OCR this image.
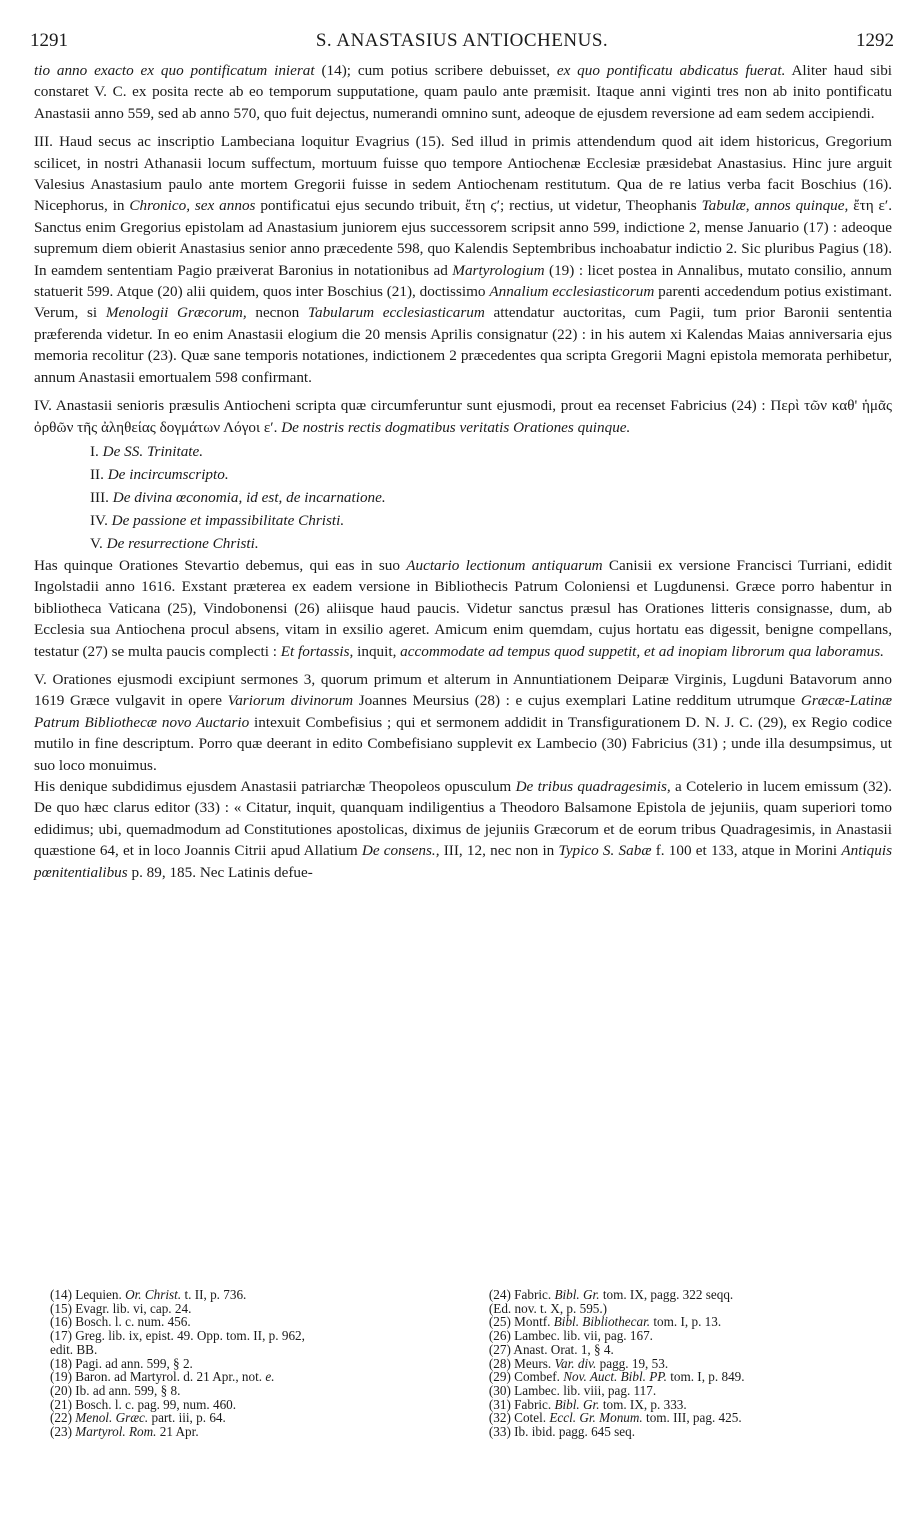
1291	S. ANASTASIUS ANTIOCHENUS.	1292

tio anno exacto ex quo pontificatum inierat (14); cum potius scribere debuisset, ex quo pontificatu abdicatus fuerat. Aliter haud sibi constaret V. C. ex posita recte ab eo temporum supputatione, quam paulo ante præmisit. Itaque anni viginti tres non ab inito pontificatu Anastasii anno 559, sed ab anno 570, quo fuit dejectus, numerandi omnino sunt, adeoque de ejusdem reversione ad eam sedem accipiendi.

III. Haud secus ac inscriptio Lambeciana loquitur Evagrius (15). Sed illud in primis attendendum quod ait idem historicus, Gregorium scilicet, in nostri Athanasii locum suffectum, mortuum fuisse quo tempore Antiochenæ Ecclesiæ præsidebat Anastasius. Hinc jure arguit Valesius Anastasium paulo ante mortem Gregorii fuisse in sedem Antiochenam restitutum. Qua de re latius verba facit Boschius (16). Nicephorus, in Chronico, sex annos pontificatui ejus secundo tribuit, ἔτη ϛ′; rectius, ut videtur, Theophanis Tabulæ, annos quinque, ἔτη ε′. Sanctus enim Gregorius epistolam ad Anastasium juniorem ejus successorem scripsit anno 599, indictione 2, mense Januario (17) : adeoque supremum diem obierit Anastasius senior anno præcedente 598, quo Kalendis Septembribus inchoabatur indictio 2. Sic pluribus Pagius (18). In eamdem sententiam Pagio præiverat Baronius in notationibus ad Martyrologium (19) : licet postea in Annalibus, mutato consilio, annum statuerit 599. Atque (20) alii quidem, quos inter Boschius (21), doctissimo Annalium ecclesiasticorum parenti accedendum potius existimant. Verum, si Menologii Græcorum, necnon Tabularum ecclesiasticarum attendatur auctoritas, cum Pagii, tum prior Baronii sententia præferenda videtur. In eo enim Anastasii elogium die 20 mensis Aprilis consignatur (22) : in his autem xi Kalendas Maias anniversaria ejus memoria recolitur (23). Quæ sane temporis notationes, indictionem 2 præcedentes qua scripta Gregorii Magni epistola memorata perhibetur, annum Anastasii emortualem 598 confirmant.

IV. Anastasii senioris præsulis Antiocheni scripta quæ circumferuntur sunt ejusmodi, prout ea recenset Fabricius (24) : Περὶ τῶν καθ' ἡμᾶς ὀρθῶν τῆς ἀληθείας δογμάτων Λόγοι ε′. De nostris rectis dogmatibus veritatis Orationes quinque.

I. De SS. Trinitate.
II. De incircumscripto.
III. De divina œconomia, id est, de incarnatione.
IV. De passione et impassibilitate Christi.
V. De resurrectione Christi.

Has quinque Orationes Stevartio debemus, qui eas in suo Auctario lectionum antiquarum Canisii ex versione Francisci Turriani, edidit Ingolstadii anno 1616. Exstant præterea ex eadem versione in Bibliothecis Patrum Coloniensi et Lugdunensi. Græce porro habentur in bibliotheca Vaticana (25), Vindobonensi (26) aliisque haud paucis. Videtur sanctus præsul has Orationes litteris consignasse, dum, ab Ecclesia sua Antiochena procul absens, vitam in exsilio ageret. Amicum enim quemdam, cujus hortatu eas digessit, benigne compellans, testatur (27) se multa paucis complecti : Et fortassis, inquit, accommodate ad tempus quod suppetit, et ad inopiam librorum qua laboramus.

V. Orationes ejusmodi excipiunt sermones 3, quorum primum et alterum in Annuntiationem Deiparæ Virginis, Lugduni Batavorum anno 1619 Græce vulgavit in opere Variorum divinorum Joannes Meursius (28) : e cujus exemplari Latine redditum utrumque Græcæ-Latinæ Patrum Bibliothecæ novo Auctario intexuit Combefisius ; qui et sermonem addidit in Transfigurationem D. N. J. C. (29), ex Regio codice mutilo in fine descriptum. Porro quæ deerant in edito Combefisiano supplevit ex Lambecio (30) Fabricius (31) ; unde illa desumpsimus, ut suo loco monuimus.

His denique subdidimus ejusdem Anastasii patriarchæ Theopoleos opusculum De tribus quadragesimis, a Cotelerio in lucem emissum (32). De quo hæc clarus editor (33) : « Citatur, inquit, quanquam indiligentius a Theodoro Balsamone Epistola de jejuniis, quam superiori tomo edidimus; ubi, quemadmodum ad Constitutiones apostolicas, diximus de jejuniis Græcorum et de eorum tribus Quadragesimis, in Anastasii quæstione 64, et in loco Joannis Citrii apud Allatium De consens., III, 12, nec non in Typico S. Sabæ f. 100 et 133, atque in Morini Antiquis pœnitentialibus p. 89, 185. Nec Latinis defue-

(14) Lequien. Or. Christ. t. II, p. 736.
(15) Evagr. lib. vi, cap. 24.
(16) Bosch. l. c. num. 456.
(17) Greg. lib. ix, epist. 49. Opp. tom. II, p. 962,
edit. BB.
(18) Pagi. ad ann. 599, § 2.
(19) Baron. ad Martyrol. d. 21 Apr., not. e.
(20) Ib. ad ann. 599, § 8.
(21) Bosch. l. c. pag. 99, num. 460.
(22) Menol. Græc. part. iii, p. 64.
(23) Martyrol. Rom. 21 Apr.
(24) Fabric. Bibl. Gr. tom. IX, pagg. 322 seqq.
(Ed. nov. t. X, p. 595.)
(25) Montf. Bibl. Bibliothecar. tom. I, p. 13.
(26) Lambec. lib. vii, pag. 167.
(27) Anast. Orat. 1, § 4.
(28) Meurs. Var. div. pagg. 19, 53.
(29) Combef. Nov. Auct. Bibl. PP. tom. I, p. 849.
(30) Lambec. lib. viii, pag. 117.
(31) Fabric. Bibl. Gr. tom. IX, p. 333.
(32) Cotel. Eccl. Gr. Monum. tom. III, pag. 425.
(33) Ib. ibid. pagg. 645 seq.
